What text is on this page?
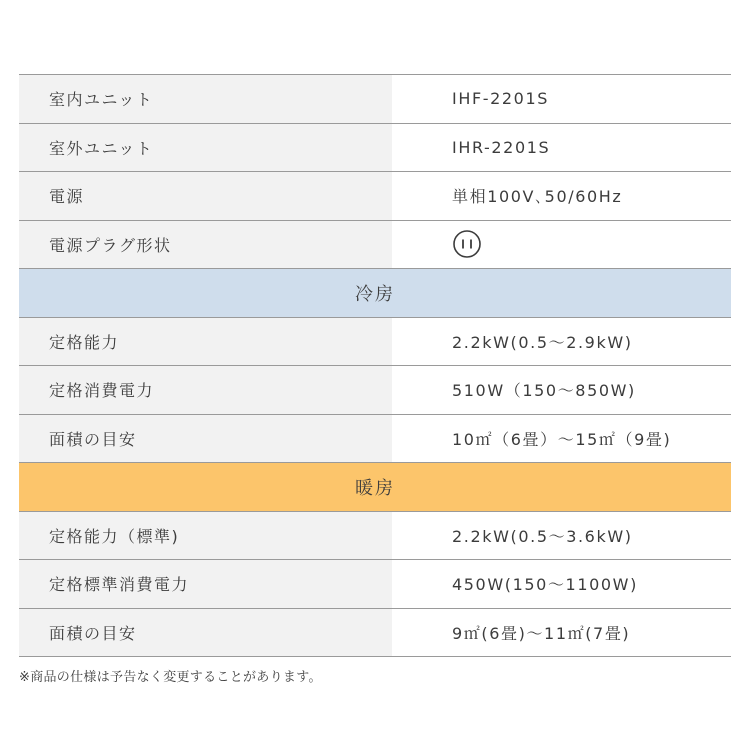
室内ユニット	IHF-2201S
室外ユニット	IHR-2201S
電源	単相100V､50/60Hz
電源プラグ形状
冷房
定格能力	2.2kW(0.5～2.9kW)
定格消費電力	510W（150～850W)
面積の目安	10㎡（6畳）～15㎡（9畳)
暖房
定格能力（標準)	2.2kW(0.5～3.6kW)
定格標準消費電力	450W(150～1100W)
面積の目安	9㎡(6畳)～11㎡(7畳)
※商品の仕様は予告なく変更することがあります。
